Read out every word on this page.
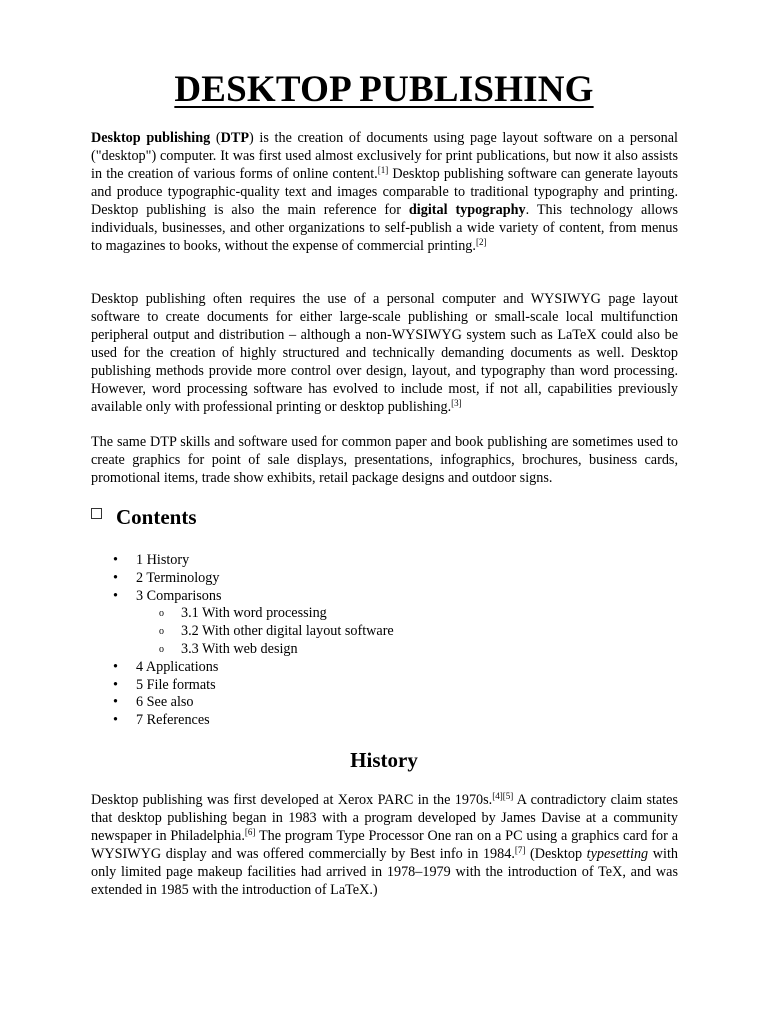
DESKTOP PUBLISHING

Desktop publishing (DTP) is the creation of documents using page layout software on a personal ("desktop") computer. It was first used almost exclusively for print publications, but now it also assists in the creation of various forms of online content.[1] Desktop publishing software can generate layouts and produce typographic-quality text and images comparable to traditional typography and printing. Desktop publishing is also the main reference for digital typography. This technology allows individuals, businesses, and other organizations to self-publish a wide variety of content, from menus to magazines to books, without the expense of commercial printing.[2]

Desktop publishing often requires the use of a personal computer and WYSIWYG page layout software to create documents for either large-scale publishing or small-scale local multifunction peripheral output and distribution – although a non-WYSIWYG system such as LaTeX could also be used for the creation of highly structured and technically demanding documents as well. Desktop publishing methods provide more control over design, layout, and typography than word processing. However, word processing software has evolved to include most, if not all, capabilities previously available only with professional printing or desktop publishing.[3]

The same DTP skills and software used for common paper and book publishing are sometimes used to create graphics for point of sale displays, presentations, infographics, brochures, business cards, promotional items, trade show exhibits, retail package designs and outdoor signs.

Contents
• 1 History
• 2 Terminology
• 3 Comparisons
o 3.1 With word processing
o 3.2 With other digital layout software
o 3.3 With web design
• 4 Applications
• 5 File formats
• 6 See also
• 7 References
History

Desktop publishing was first developed at Xerox PARC in the 1970s.[4][5] A contradictory claim states that desktop publishing began in 1983 with a program developed by James Davise at a community newspaper in Philadelphia.[6] The program Type Processor One ran on a PC using a graphics card for a WYSIWYG display and was offered commercially by Best info in 1984.[7] (Desktop typesetting with only limited page makeup facilities had arrived in 1978–1979 with the introduction of TeX, and was extended in 1985 with the introduction of LaTeX.)
